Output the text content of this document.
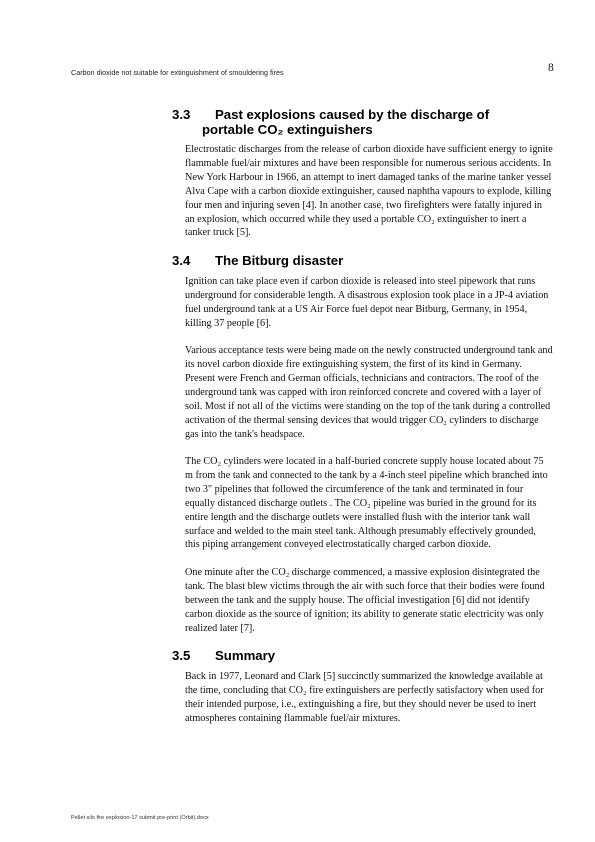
Carbon dioxide not suitable for extinguishment of smouldering fires	8
3.3 Past explosions caused by the discharge of
portable CO₂ extinguishers

Electrostatic discharges from the release of carbon dioxide have sufficient energy to ignite flammable fuel/air mixtures and have been responsible for numerous serious accidents. In New York Harbour in 1966, an attempt to inert damaged tanks of the marine tanker vessel Alva Cape with a carbon dioxide extinguisher, caused naphtha vapours to explode, killing four men and injuring seven [4]. In another case, two firefighters were fatally injured in an explosion, which occurred while they used a portable CO₂ extinguisher to inert a tanker truck [5].

3.4 The Bitburg disaster

Ignition can take place even if carbon dioxide is released into steel pipework that runs underground for considerable length. A disastrous explosion took place in a JP-4 aviation fuel underground tank at a US Air Force fuel depot near Bitburg, Germany, in 1954, killing 37 people [6].

Various acceptance tests were being made on the newly constructed underground tank and its novel carbon dioxide fire extinguishing system, the first of its kind in Germany. Present were French and German officials, technicians and contractors. The roof of the underground tank was capped with iron reinforced concrete and covered with a layer of soil. Most if not all of the victims were standing on the top of the tank during a controlled activation of the thermal sensing devices that would trigger CO₂ cylinders to discharge gas into the tank's headspace.

The CO₂ cylinders were located in a half-buried concrete supply house located about 75 m from the tank and connected to the tank by a 4-inch steel pipeline which branched into two 3" pipelines that followed the circumference of the tank and terminated in four equally distanced discharge outlets . The CO₂ pipeline was buried in the ground for its entire length and the discharge outlets were installed flush with the interior tank wall surface and welded to the main steel tank. Although presumably effectively grounded, this piping arrangement conveyed electrostatically charged carbon dioxide.

One minute after the CO₂ discharge commenced, a massive explosion disintegrated the tank. The blast blew victims through the air with such force that their bodies were found between the tank and the supply house. The official investigation [6] did not identify carbon dioxide as the source of ignition; its ability to generate static electricity was only realized later [7].

3.5 Summary

Back in 1977, Leonard and Clark [5] succinctly summarized the knowledge available at the time, concluding that CO₂ fire extinguishers are perfectly satisfactory when used for their intended purpose, i.e., extinguishing a fire, but they should never be used to inert atmospheres containing flammable fuel/air mixtures.

Pellet silo fire explosion-17 submit pre-print (Orbit).docx
